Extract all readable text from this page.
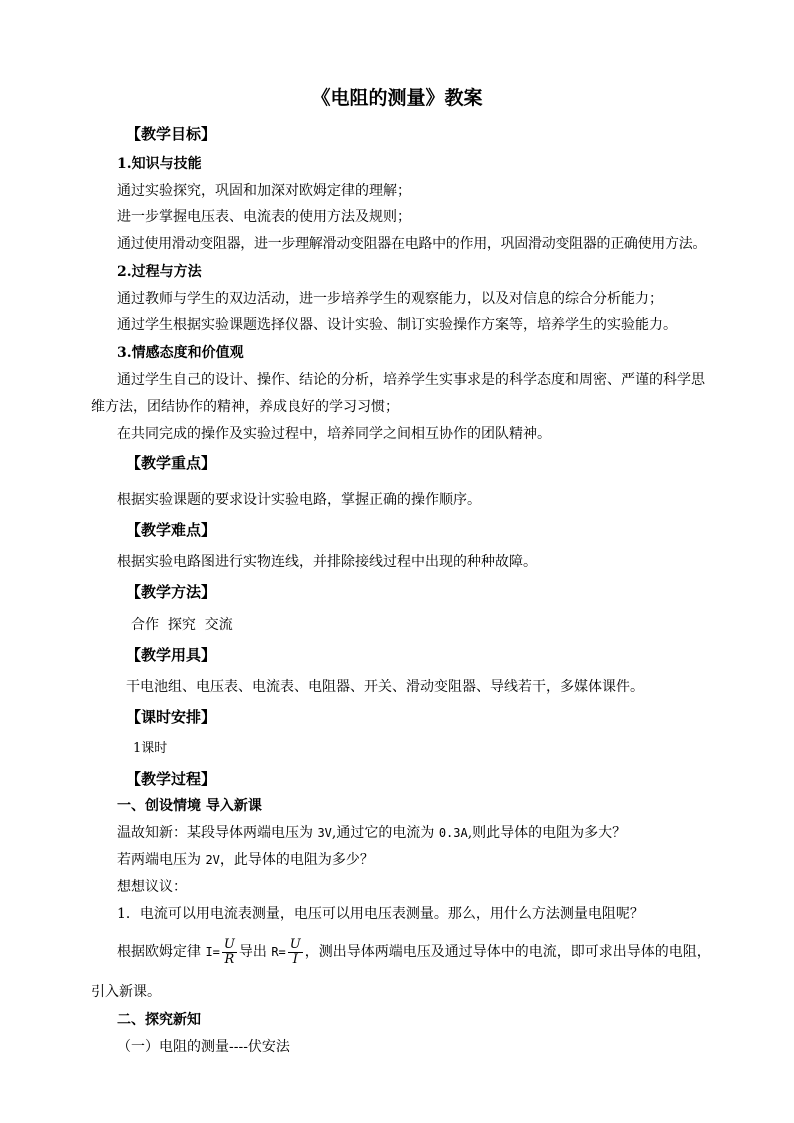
《电阻的测量》教案
【教学目标】
1.知识与技能
通过实验探究，巩固和加深对欧姆定律的理解；
进一步掌握电压表、电流表的使用方法及规则；
通过使用滑动变阻器，进一步理解滑动变阻器在电路中的作用，巩固滑动变阻器的正确使用方法。
2.过程与方法
通过教师与学生的双边活动，进一步培养学生的观察能力，以及对信息的综合分析能力；
通过学生根据实验课题选择仪器、设计实验、制订实验操作方案等，培养学生的实验能力。
3.情感态度和价值观
通过学生自己的设计、操作、结论的分析，培养学生实事求是的科学态度和周密、严谨的科学思
维方法，团结协作的精神，养成良好的学习习惯；
在共同完成的操作及实验过程中，培养同学之间相互协作的团队精神。
【教学重点】
根据实验课题的要求设计实验电路，掌握正确的操作顺序。
【教学难点】
根据实验电路图进行实物连线，并排除接线过程中出现的种种故障。
【教学方法】
合作  探究  交流
【教学用具】
干电池组、电压表、电流表、电阻器、开关、滑动变阻器、导线若干，多媒体课件。
【课时安排】
1课时
【教学过程】
一、创设情境 导入新课
温故知新：某段导体两端电压为 3V,通过它的电流为 0.3A,则此导体的电阻为多大？
若两端电压为 2V，此导体的电阻为多少？
想想议议：
1．电流可以用电流表测量，电压可以用电压表测量。那么，用什么方法测量电阻呢？
根据欧姆定律 $I= \frac{U}{R}$ 导出 $R= \frac{U}{I}$ ，测出导体两端电压及通过导体中的电流，即可求出导体的电阻，
引入新课。
二、探究新知
（一）电阻的测量----伏安法
